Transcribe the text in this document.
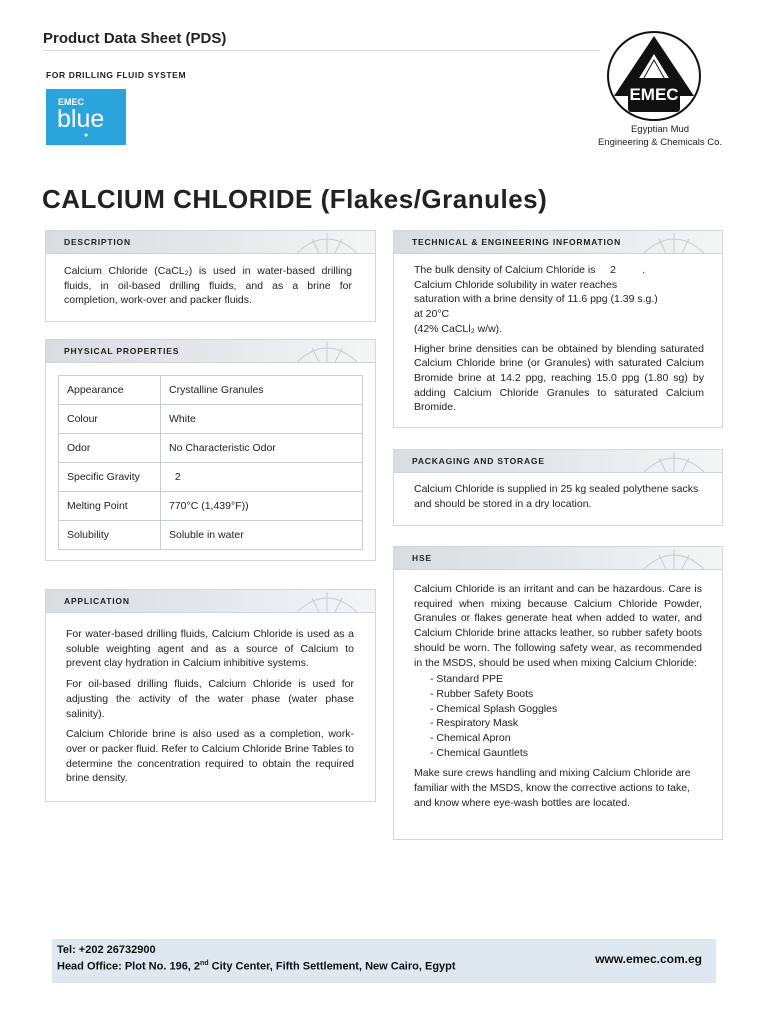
Product Data Sheet (PDS)
FOR DRILLING FLUID SYSTEM
EMEC
blue
●
EMEC
Egyptian Mud
Engineering & Chemicals Co.
CALCIUM CHLORIDE (Flakes/Granules)
DESCRIPTION
Calcium Chloride (CaCL₂) is used in water-based drilling fluids, in oil-based drilling fluids, and as a brine for completion, work-over and packer fluids.
PHYSICAL PROPERTIES
Appearance	Crystalline Granules
Colour	White
Odor	No Characteristic Odor
Specific Gravity	2
Melting Point	770°C (1,439°F))
Solubility	Soluble in water
APPLICATION

For water-based drilling fluids, Calcium Chloride is used as a soluble weighting agent and as a source of Calcium to prevent clay hydration in Calcium inhibitive systems.

For oil-based drilling fluids, Calcium Chloride is used for adjusting the activity of the water phase (water phase salinity).

Calcium Chloride brine is also used as a completion, work-over or packer fluid. Refer to Calcium Chloride Brine Tables to determine the concentration required to obtain the required brine density.

TECHNICAL & ENGINEERING INFORMATION
The bulk density of Calcium Chloride is     2         .
Calcium Chloride solubility in water reaches
saturation with a brine density of 11.6 ppg (1.39 s.g.)
at 20°C
(42% CaCLl₂ w/w).
Higher brine densities can be obtained by blending saturated Calcium Chloride brine (or Granules) with saturated Calcium Bromide brine at 14.2 ppg, reaching 15.0 ppg (1.80 sg) by adding Calcium Chloride Granules to saturated Calcium Bromide.
PACKAGING AND STORAGE
Calcium Chloride is supplied in 25 kg sealed polythene sacks and should be stored in a dry location.
HSE

Calcium Chloride is an irritant and can be hazardous. Care is required when mixing because Calcium Chloride Powder, Granules or flakes generate heat when added to water, and Calcium Chloride brine attacks leather, so rubber safety boots should be worn. The following safety wear, as recommended in the MSDS, should be used when mixing Calcium Chloride:

- Standard PPE
- Rubber Safety Boots
- Chemical Splash Goggles
- Respiratory Mask
- Chemical Apron
- Chemical Gauntlets

Make sure crews handling and mixing Calcium Chloride are familiar with the MSDS, know the corrective actions to take, and know where eye-wash bottles are located.

Tel: +202 26732900
Head Office: Plot No. 196, 2nd City Center, Fifth Settlement, New Cairo, Egypt
www.emec.com.eg
